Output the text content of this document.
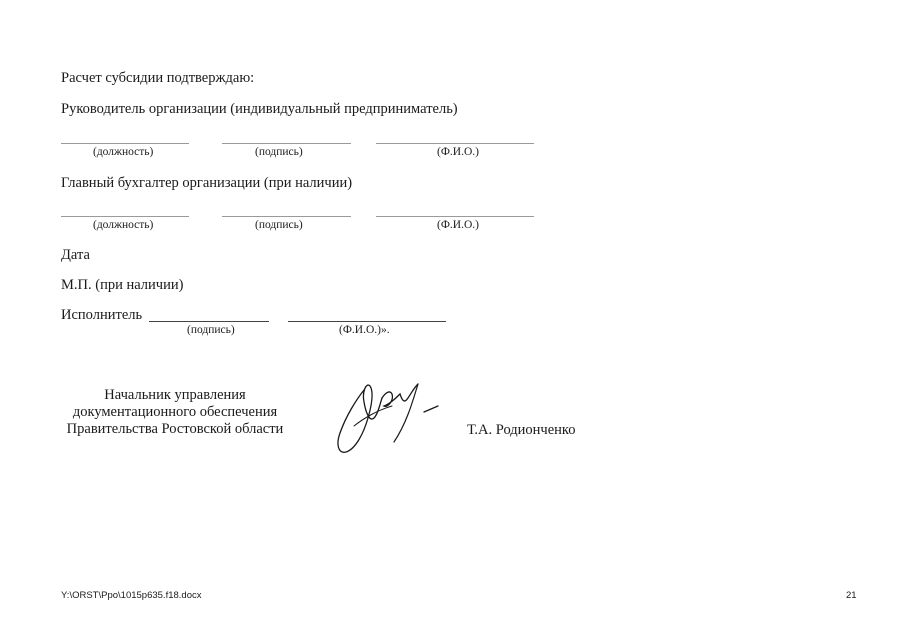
Расчет субсидии подтверждаю:
Руководитель организации (индивидуальный предприниматель)
(должность)	(подпись)	(Ф.И.О.)
Главный бухгалтер организации (при наличии)
(должность)	(подпись)	(Ф.И.О.)
Дата
М.П. (при наличии)
Исполнитель
(подпись)	(Ф.И.О.)».
Начальник управления
документационного обеспечения
Правительства Ростовской области	Т.А. Родионченко
Y:\ORST\Ppo\1015p635.f18.docx	21
